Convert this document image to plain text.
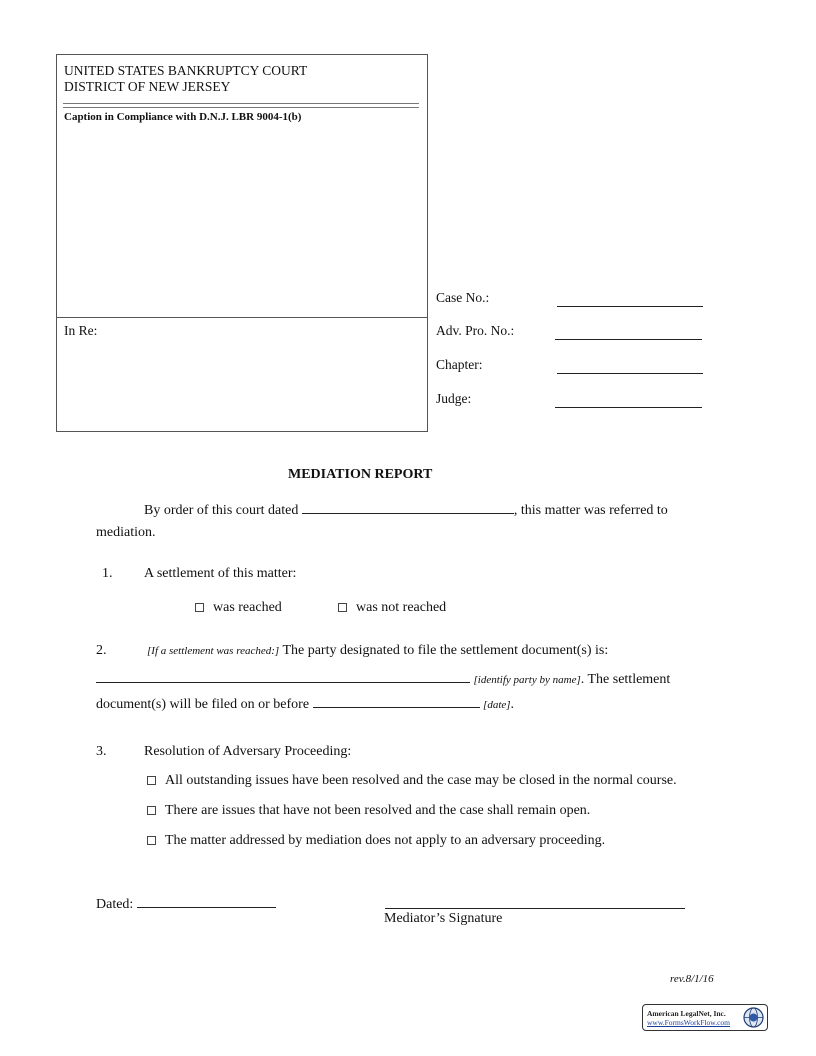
UNITED STATES BANKRUPTCY COURT
DISTRICT OF NEW JERSEY
Caption in Compliance with D.N.J. LBR 9004-1(b)
In Re:
Case No.:
Adv. Pro. No.:
Chapter:
Judge:
MEDIATION REPORT
By order of this court dated	, this matter was referred to
mediation.
1. A settlement of this matter:
was reached	was not reached
2.	[If a settlement was reached:] The party designated to file the settlement document(s) is:
[identify party by name]. The settlement
document(s) will be filed on or before	[date].
3.	Resolution of Adversary Proceeding:
All outstanding issues have been resolved and the case may be closed in the normal course.
There are issues that have not been resolved and the case shall remain open.
The matter addressed by mediation does not apply to an adversary proceeding.
Dated:
Mediator’s Signature
rev.8/1/16
American LegalNet, Inc.
www.FormsWorkFlow.com
